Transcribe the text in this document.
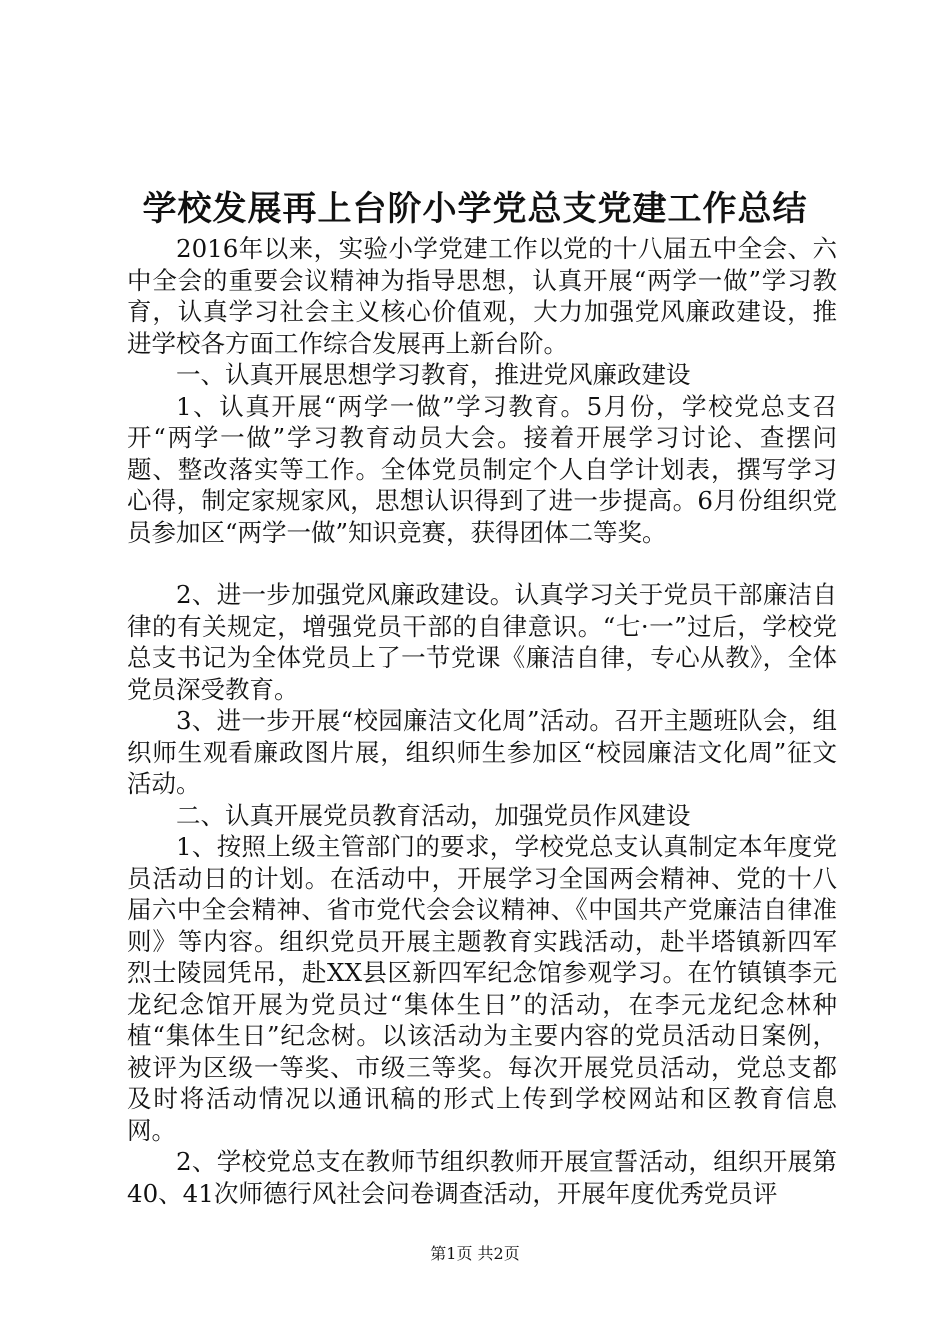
学校发展再上台阶小学党总支党建工作总结

2016年以来，实验小学党建工作以党的十八届五中全会、六中全会的重要会议精神为指导思想，认真开展“两学一做”学习教育，认真学习社会主义核心价值观，大力加强党风廉政建设，推进学校各方面工作综合发展再上新台阶。

一、认真开展思想学习教育，推进党风廉政建设

1、认真开展“两学一做”学习教育。5月份，学校党总支召开“两学一做”学习教育动员大会。接着开展学习讨论、查摆问题、整改落实等工作。全体党员制定个人自学计划表，撰写学习心得，制定家规家风，思想认识得到了进一步提高。6月份组织党员参加区“两学一做”知识竞赛，获得团体二等奖。

2、进一步加强党风廉政建设。认真学习关于党员干部廉洁自律的有关规定，增强党员干部的自律意识。“七·一”过后，学校党总支书记为全体党员上了一节党课《廉洁自律，专心从教》，全体党员深受教育。

3、进一步开展“校园廉洁文化周”活动。召开主题班队会，组织师生观看廉政图片展，组织师生参加区“校园廉洁文化周”征文活动。

二、认真开展党员教育活动，加强党员作风建设

1、按照上级主管部门的要求，学校党总支认真制定本年度党员活动日的计划。在活动中，开展学习全国两会精神、党的十八届六中全会精神、省市党代会会议精神、《中国共产党廉洁自律准则》等内容。组织党员开展主题教育实践活动，赴半塔镇新四军烈士陵园凭吊，赴XX县区新四军纪念馆参观学习。在竹镇镇李元龙纪念馆开展为党员过“集体生日”的活动，在李元龙纪念林种植“集体生日”纪念树。以该活动为主要内容的党员活动日案例，被评为区级一等奖、市级三等奖。每次开展党员活动，党总支都及时将活动情况以通讯稿的形式上传到学校网站和区教育信息网。

2、学校党总支在教师节组织教师开展宣誓活动，组织开展第40、41次师德行风社会问卷调查活动，开展年度优秀党员评

第1页 共2页
